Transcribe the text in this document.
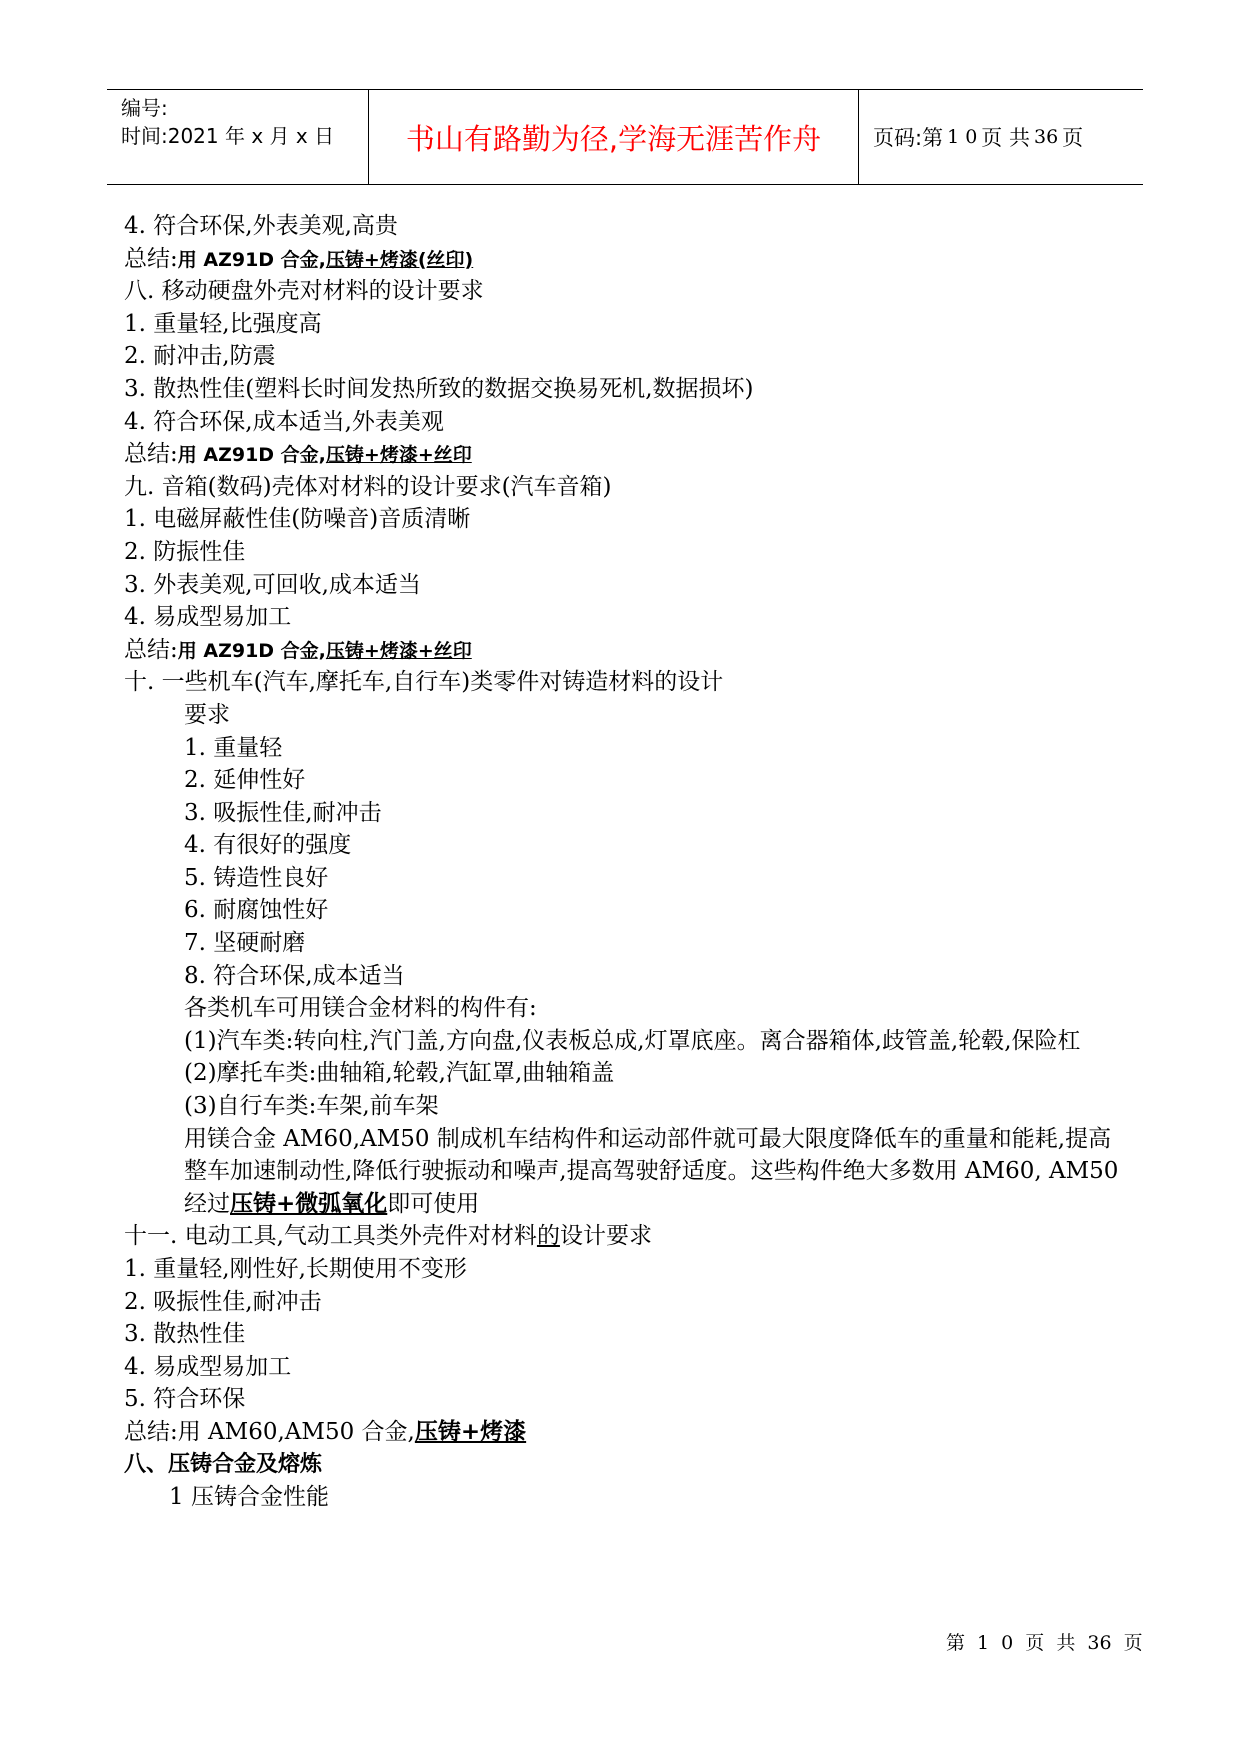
编号:
时间:2021 年 x 月 x 日	书山有路勤为径,学海无涯苦作舟	页码:第 1 0 页 共 36 页
4. 符合环保,外表美观,高贵
总结:用 AZ91D 合金,压铸+烤漆(丝印)
八. 移动硬盘外壳对材料的设计要求
1. 重量轻,比强度高
2. 耐冲击,防震
3. 散热性佳(塑料长时间发热所致的数据交换易死机,数据损坏)
4. 符合环保,成本适当,外表美观
总结:用 AZ91D 合金,压铸+烤漆+丝印
九. 音箱(数码)壳体对材料的设计要求(汽车音箱)
1. 电磁屏蔽性佳(防噪音)音质清晰
2. 防振性佳
3. 外表美观,可回收,成本适当
4. 易成型易加工
总结:用 AZ91D 合金,压铸+烤漆+丝印
十. 一些机车(汽车,摩托车,自行车)类零件对铸造材料的设计
要求
1. 重量轻
2. 延伸性好
3. 吸振性佳,耐冲击
4. 有很好的强度
5. 铸造性良好
6. 耐腐蚀性好
7. 坚硬耐磨
8. 符合环保,成本适当
各类机车可用镁合金材料的构件有:
(1)汽车类:转向柱,汽门盖,方向盘,仪表板总成,灯罩底座。离合器箱体,歧管盖,轮毂,保险杠
(2)摩托车类:曲轴箱,轮毂,汽缸罩,曲轴箱盖
(3)自行车类:车架,前车架
用镁合金 AM60,AM50 制成机车结构件和运动部件就可最大限度降低车的重量和能耗,提高整车加速制动性,降低行驶振动和噪声,提高驾驶舒适度。这些构件绝大多数用 AM60, AM50
经过压铸+微弧氧化即可使用
十一. 电动工具,气动工具类外壳件对材料的设计要求
1. 重量轻,刚性好,长期使用不变形
2. 吸振性佳,耐冲击
3. 散热性佳
4. 易成型易加工
5. 符合环保
总结:用 AM60,AM50 合金,压铸+烤漆
八、压铸合金及熔炼
1 压铸合金性能
第 1 0 页 共 36 页
